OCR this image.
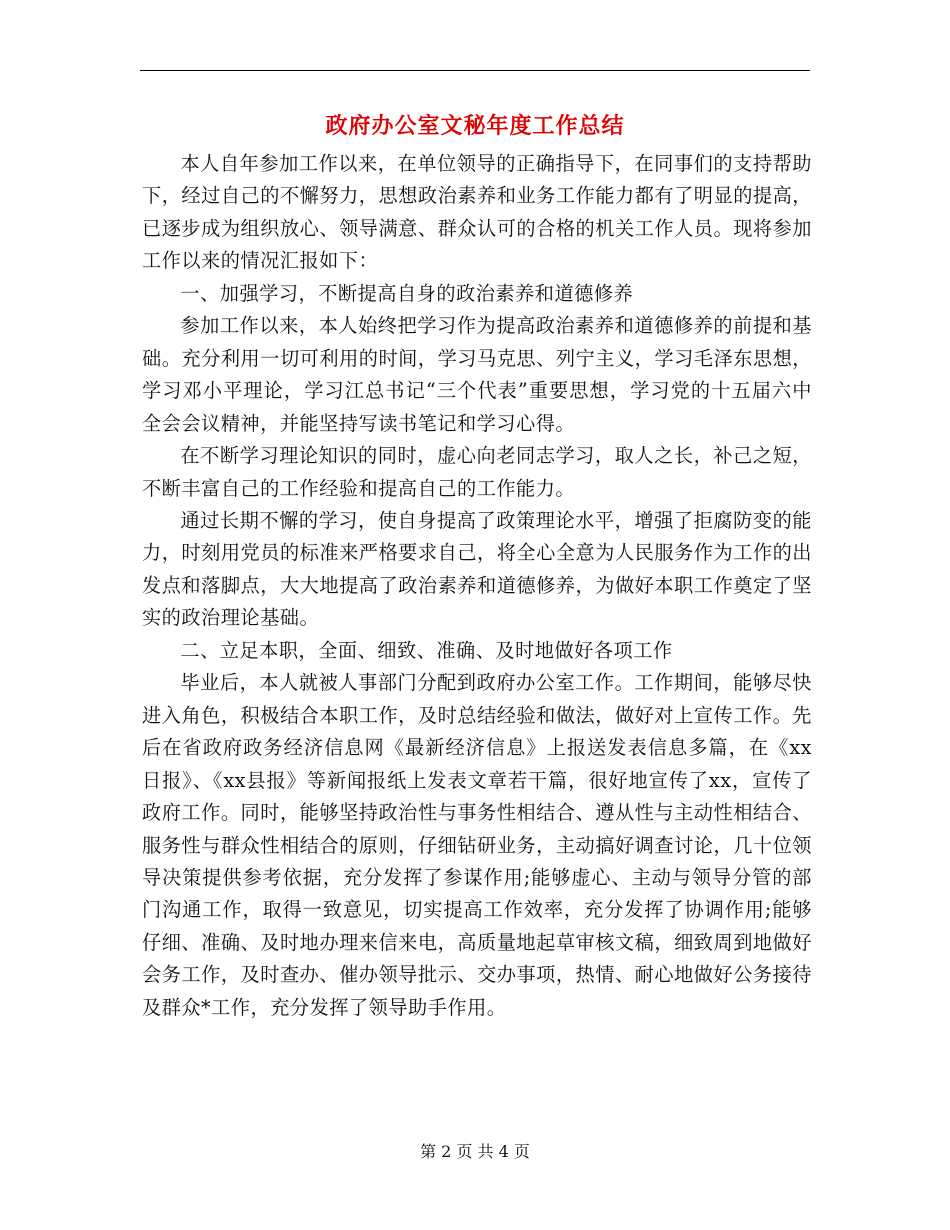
政府办公室文秘年度工作总结

本人自年参加工作以来，在单位领导的正确指导下，在同事们的支持帮助下，经过自己的不懈努力，思想政治素养和业务工作能力都有了明显的提高，已逐步成为组织放心、领导满意、群众认可的合格的机关工作人员。现将参加工作以来的情况汇报如下：

一、加强学习，不断提高自身的政治素养和道德修养

参加工作以来，本人始终把学习作为提高政治素养和道德修养的前提和基础。充分利用一切可利用的时间，学习马克思、列宁主义，学习毛泽东思想，学习邓小平理论，学习江总书记“三个代表”重要思想，学习党的十五届六中全会会议精神，并能坚持写读书笔记和学习心得。

在不断学习理论知识的同时，虚心向老同志学习，取人之长，补己之短，不断丰富自己的工作经验和提高自己的工作能力。

通过长期不懈的学习，使自身提高了政策理论水平，增强了拒腐防变的能力，时刻用党员的标准来严格要求自己，将全心全意为人民服务作为工作的出发点和落脚点，大大地提高了政治素养和道德修养，为做好本职工作奠定了坚实的政治理论基础。

二、立足本职，全面、细致、准确、及时地做好各项工作

毕业后，本人就被人事部门分配到政府办公室工作。工作期间，能够尽快进入角色，积极结合本职工作，及时总结经验和做法，做好对上宣传工作。先后在省政府政务经济信息网《最新经济信息》上报送发表信息多篇，在《xx日报》、《xx县报》等新闻报纸上发表文章若干篇，很好地宣传了xx，宣传了政府工作。同时，能够坚持政治性与事务性相结合、遵从性与主动性相结合、服务性与群众性相结合的原则，仔细钻研业务，主动搞好调查讨论，几十位领导决策提供参考依据，充分发挥了参谋作用;能够虚心、主动与领导分管的部门沟通工作，取得一致意见，切实提高工作效率，充分发挥了协调作用;能够仔细、准确、及时地办理来信来电，高质量地起草审核文稿，细致周到地做好会务工作，及时查办、催办领导批示、交办事项，热情、耐心地做好公务接待及群众*工作，充分发挥了领导助手作用。

第 2 页 共 4 页
